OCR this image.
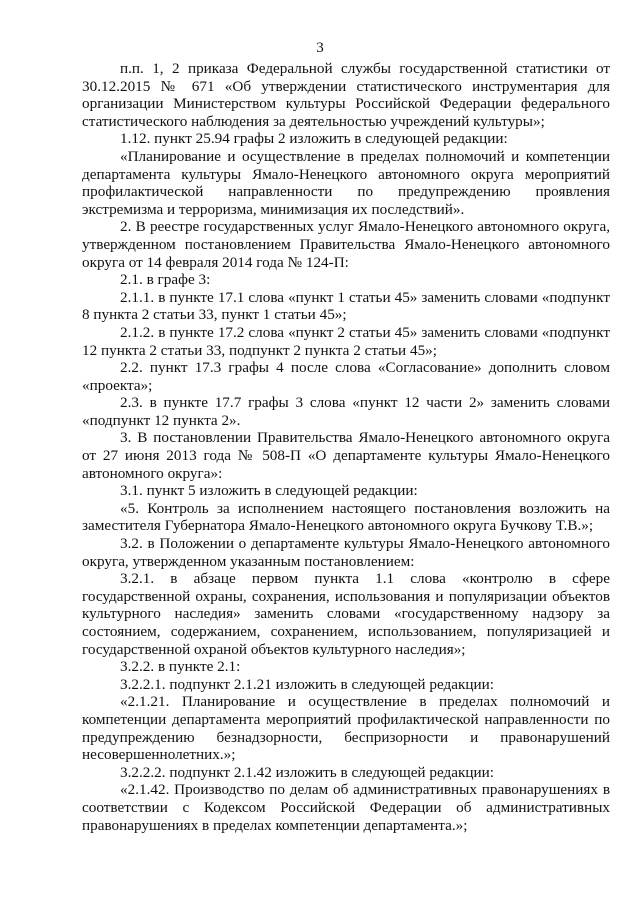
3

п.п. 1, 2 приказа Федеральной службы государственной статистики от 30.12.2015 № 671 «Об утверждении статистического инструментария для организации Министерством культуры Российской Федерации федерального статистического наблюдения за деятельностью учреждений культуры»;

1.12. пункт 25.94 графы 2 изложить в следующей редакции:

«Планирование и осуществление в пределах полномочий и компетенции департамента культуры Ямало-Ненецкого автономного округа мероприятий профилактической направленности по предупреждению проявления экстремизма и терроризма, минимизация их последствий».

2. В реестре государственных услуг Ямало-Ненецкого автономного округа, утвержденном постановлением Правительства Ямало-Ненецкого автономного округа от 14 февраля 2014 года № 124-П:

2.1. в графе 3:

2.1.1. в пункте 17.1 слова «пункт 1 статьи 45» заменить словами «подпункт 8 пункта 2 статьи 33, пункт 1 статьи 45»;

2.1.2. в пункте 17.2 слова «пункт 2 статьи 45» заменить словами «подпункт 12 пункта 2 статьи 33, подпункт 2 пункта 2 статьи 45»;

2.2. пункт 17.3 графы 4 после слова «Согласование» дополнить словом «проекта»;

2.3. в пункте 17.7 графы 3 слова «пункт 12 части 2» заменить словами «подпункт 12 пункта 2».

3. В постановлении Правительства Ямало-Ненецкого автономного округа от 27 июня 2013 года № 508-П «О департаменте культуры Ямало-Ненецкого автономного округа»:

3.1. пункт 5 изложить в следующей редакции:

«5. Контроль за исполнением настоящего постановления возложить на заместителя Губернатора Ямало-Ненецкого автономного округа Бучкову Т.В.»;

3.2. в Положении о департаменте культуры Ямало-Ненецкого автономного округа, утвержденном указанным постановлением:

3.2.1. в абзаце первом пункта 1.1 слова «контролю в сфере государственной охраны, сохранения, использования и популяризации объектов культурного наследия» заменить словами «государственному надзору за состоянием, содержанием, сохранением, использованием, популяризацией и государственной охраной объектов культурного наследия»;

3.2.2. в пункте 2.1:

3.2.2.1. подпункт 2.1.21 изложить в следующей редакции:

«2.1.21. Планирование и осуществление в пределах полномочий и компетенции департамента мероприятий профилактической направленности по предупреждению безнадзорности, беспризорности и правонарушений несовершеннолетних.»;

3.2.2.2. подпункт 2.1.42 изложить в следующей редакции:

«2.1.42. Производство по делам об административных правонарушениях в соответствии с Кодексом Российской Федерации об административных правонарушениях в пределах компетенции департамента.»;
